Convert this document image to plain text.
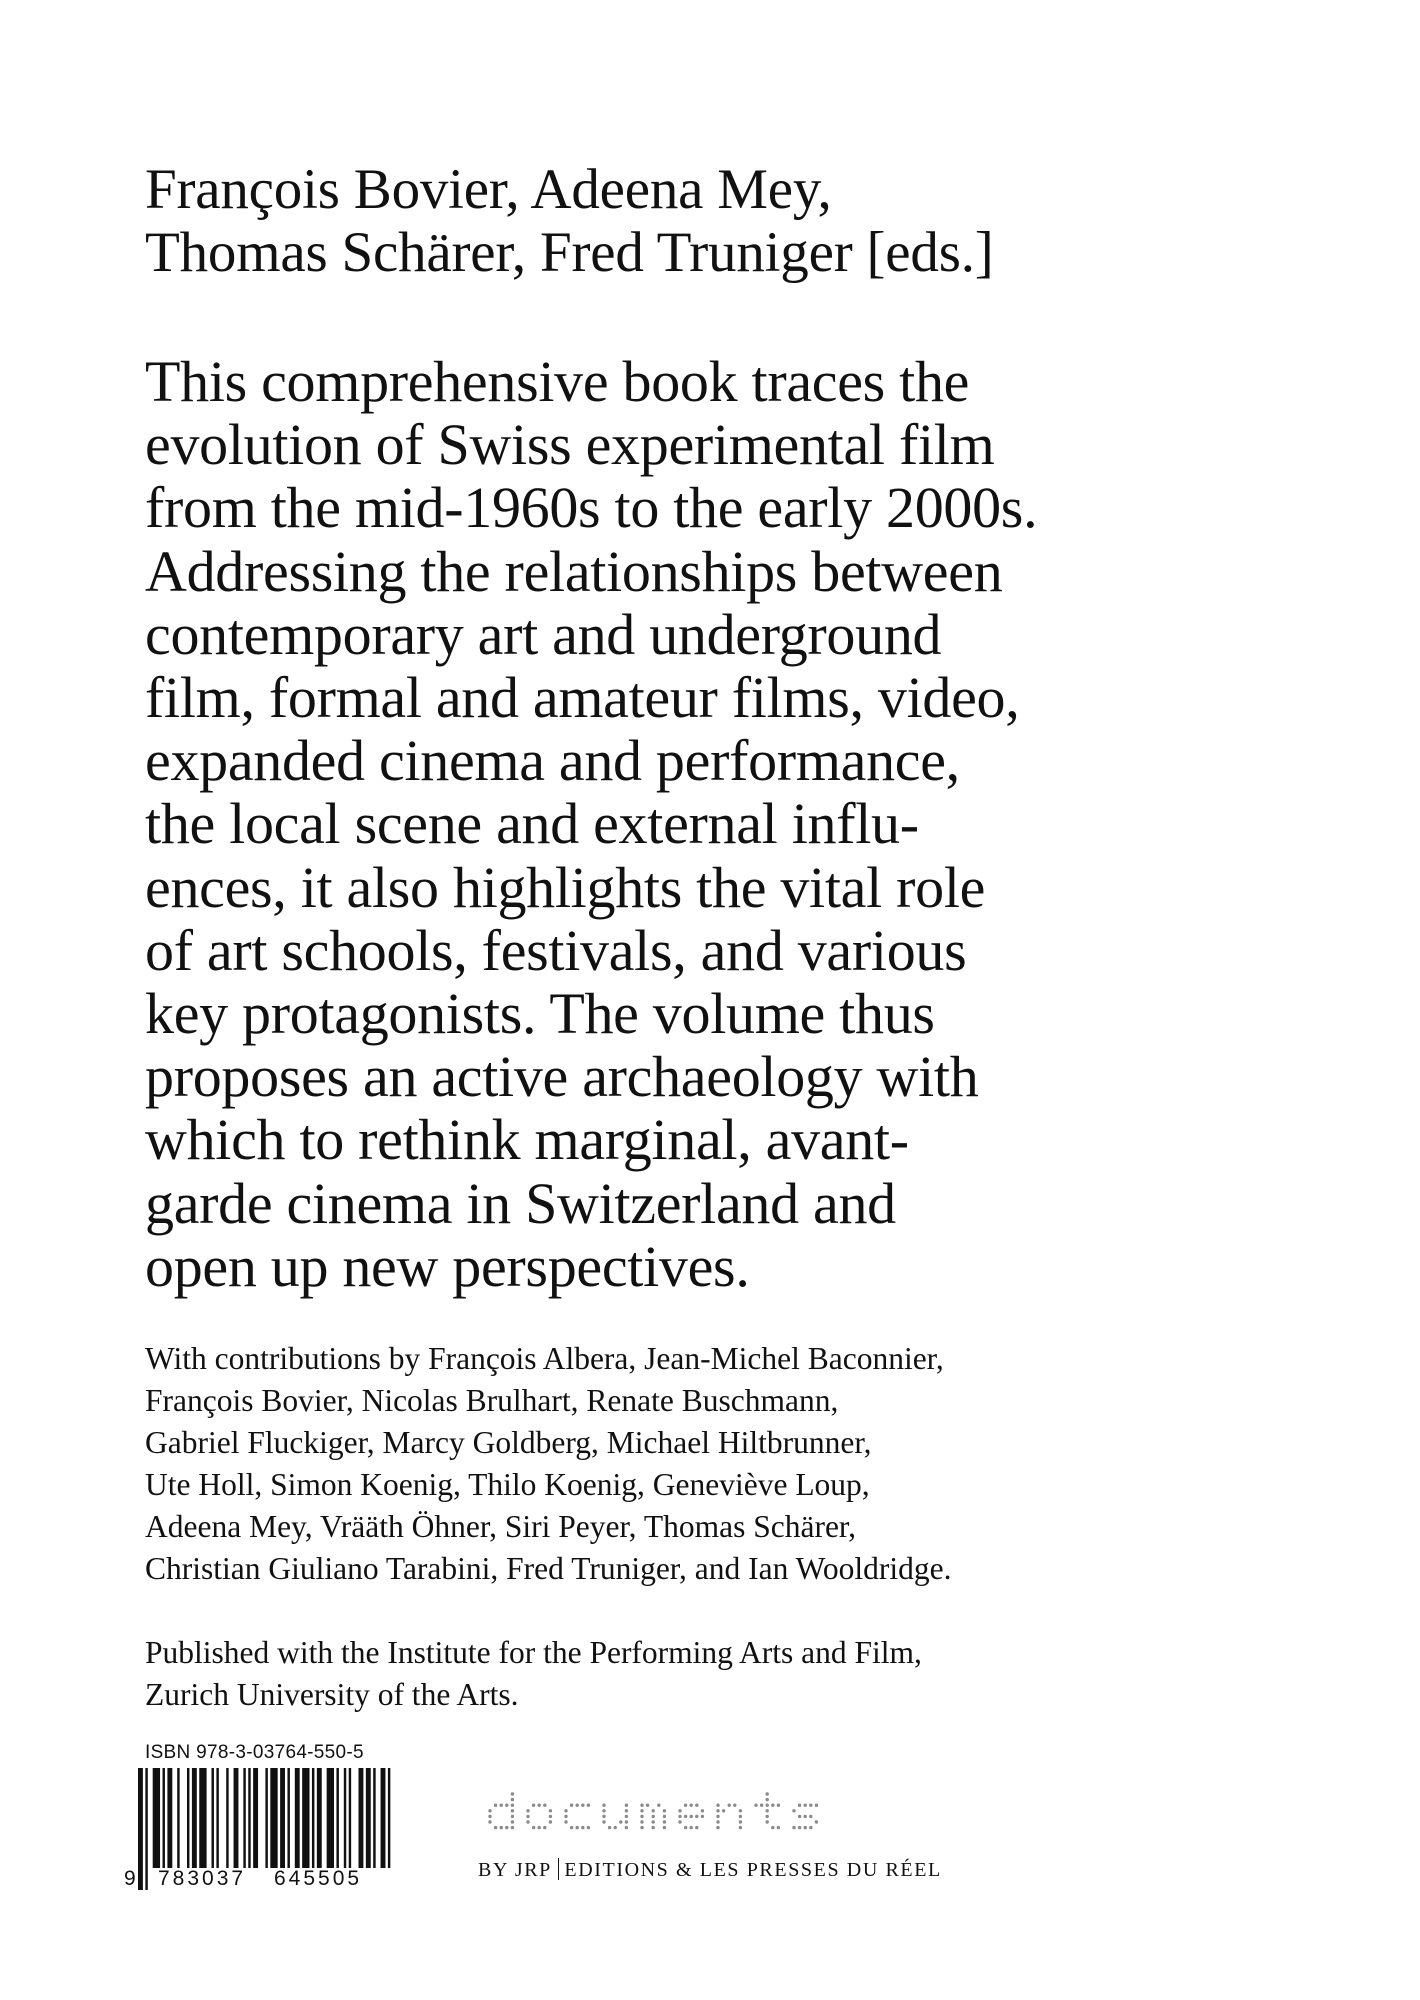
François Bovier, Adeena Mey,
Thomas Schärer, Fred Truniger [eds.]
This comprehensive book traces the
evolution of Swiss experimental film
from the mid-1960s to the early 2000s.
Addressing the relationships between
contemporary art and underground
film, formal and amateur films, video,
expanded cinema and performance,
the local scene and external influ-
ences, it also highlights the vital role
of art schools, festivals, and various
key protagonists. The volume thus
proposes an active archaeology with
which to rethink marginal, avant-
garde cinema in Switzerland and
open up new perspectives.
With contributions by François Albera, Jean-Michel Baconnier,
François Bovier, Nicolas Brulhart, Renate Buschmann,
Gabriel Fluckiger, Marcy Goldberg, Michael Hiltbrunner,
Ute Holl, Simon Koenig, Thilo Koenig, Geneviève Loup,
Adeena Mey, Vrääth Öhner, Siri Peyer, Thomas Schärer,
Christian Giuliano Tarabini, Fred Truniger, and Ian Wooldridge.
Published with the Institute for the Performing Arts and Film,
Zurich University of the Arts.
ISBN 978-3-03764-550-5
9 783037 645505	BY JRP EDITIONS & LES PRESSES DU RÉEL
